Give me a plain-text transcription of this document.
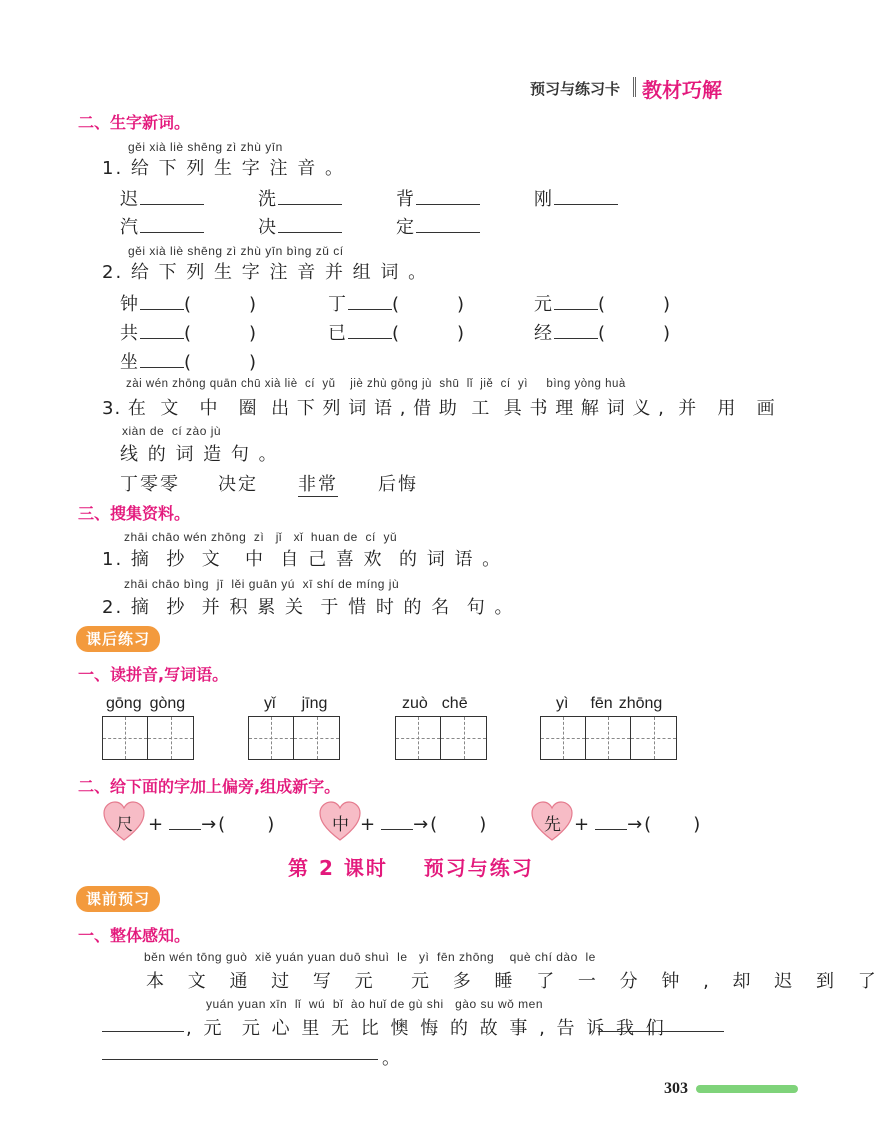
预习与练习卡 教材巧解
二、生字新词。
gěi xià liè shēng zì zhù yīn
1. 给 下 列 生 字 注 音 。
迟	洗	背	刚
汽	决	定
gěi xià liè shēng zì zhù yīn bìng zǔ cí
2. 给 下 列 生 字 注 音 并 组 词 。
钟 (	)	丁 (	)	元 (	)
共 (	)	已 (	)	经 (	)
坐 (	)
zài wén zhōng quān chū xià liè  cí  yǔ    jiè zhù gōng jù  shū  lǐ  jiě  cí  yì     bìng yòng huà
3. 在  文   中   圈  出 下 列 词 语 , 借 助  工  具 书 理 解 词 义 ,  并   用   画
xiàn de  cí zào jù
线 的 词 造 句 。
丁零零 决定 非常 后悔
三、搜集资料。
zhāi chāo wén zhōng  zì   jǐ   xǐ  huan de  cí  yǔ
1. 摘  抄  文   中  自 己 喜 欢  的 词 语 。
zhāi chāo bìng  jī  lěi guān yú  xī shí de míng jù
2. 摘  抄  并 积 累 关  于 惜 时 的 名  句 。
课后练习
一、读拼音,写词语。
gōng gòng	yǐ jīng	zuò chē	yì fēn zhōng
二、给下面的字加上偏旁,组成新字。
尺 + →( )	中 + →( )	先 + →( )
第 2 课时    预习与练习
课前预习
一、整体感知。
běn wén tōng guò  xiě yuán yuan duō shuì  le   yì  fēn zhōng    què chí dào  le
本 文 通 过 写 元  元 多 睡 了 一 分 钟 , 却 迟 到 了
yuán yuan xīn  lǐ  wú  bǐ  ào huǐ de gù shi   gào su wǒ men
, 元  元 心 里 无 比 懊 悔 的 故 事 , 告 诉 我 们
。
303
